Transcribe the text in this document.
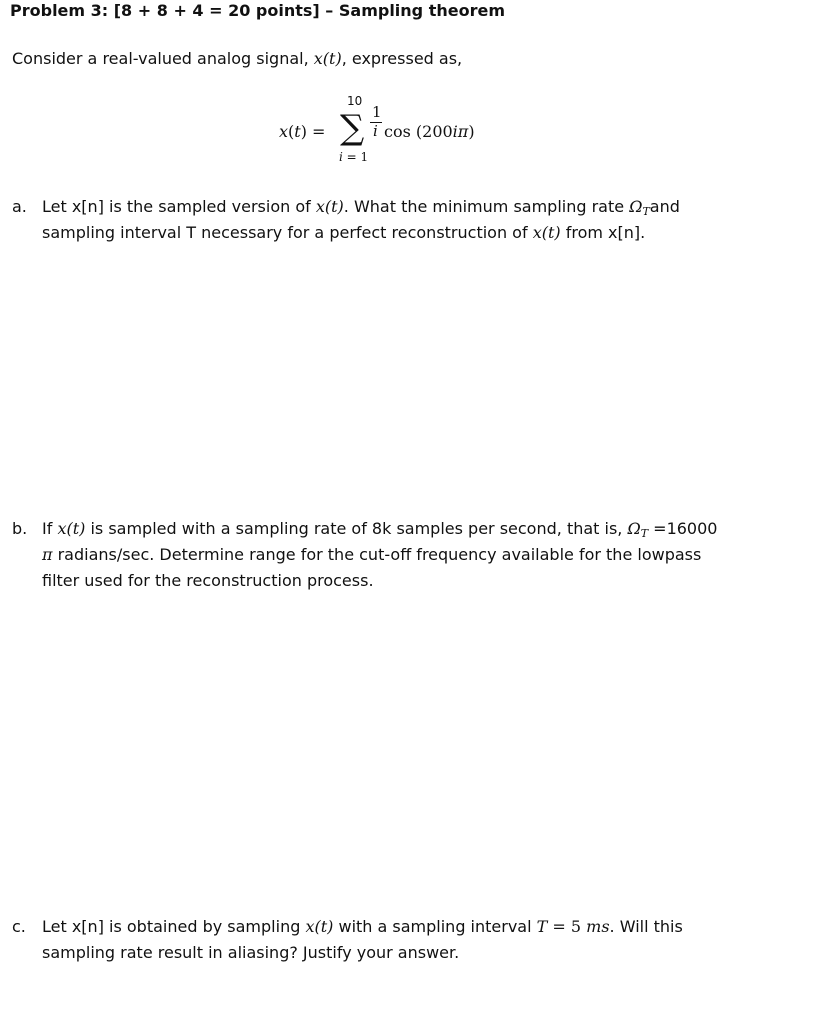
Problem 3: [8 + 8 + 4 = 20 points] – Sampling theorem
Consider a real-valued analog signal, x(t), expressed as,
x(t) =
10
∑
i = 1
1
i cos (200iπ)
a. Let x[n] is the sampled version of x(t). What the minimum sampling rate $\Omega_Tand$
sampling interval T necessary for a perfect reconstruction of x(t) from x[n].
b. If x(t) is sampled with a sampling rate of 8k samples per second, that is, $\Omega_T =16000$
π radians/sec. Determine range for the cut-off frequency available for the lowpass
filter used for the reconstruction process.
c. Let x[n] is obtained by sampling x(t) with a sampling interval T = 5 ms. Will this
sampling rate result in aliasing? Justify your answer.
